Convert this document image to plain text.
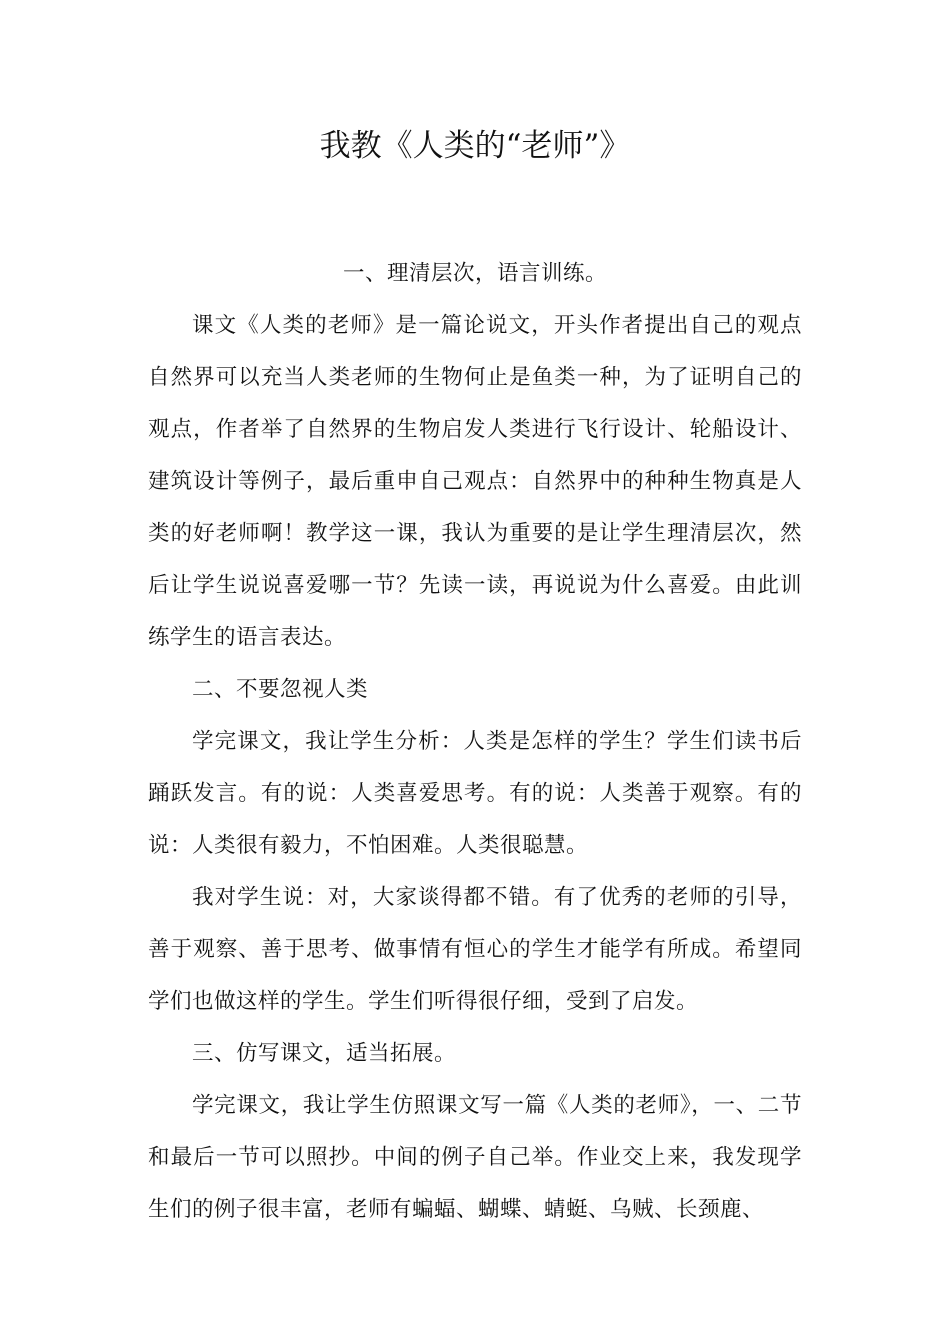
我教《人类的“老师”》

一、理清层次，语言训练。

课文《人类的老师》是一篇论说文，开头作者提出自己的观点自然界可以充当人类老师的生物何止是鱼类一种，为了证明自己的观点，作者举了自然界的生物启发人类进行飞行设计、轮船设计、建筑设计等例子，最后重申自己观点：自然界中的种种生物真是人类的好老师啊！教学这一课，我认为重要的是让学生理清层次，然后让学生说说喜爱哪一节？先读一读，再说说为什么喜爱。由此训练学生的语言表达。

二、不要忽视人类

学完课文，我让学生分析：人类是怎样的学生？学生们读书后踊跃发言。有的说：人类喜爱思考。有的说：人类善于观察。有的说：人类很有毅力，不怕困难。人类很聪慧。

我对学生说：对，大家谈得都不错。有了优秀的老师的引导，善于观察、善于思考、做事情有恒心的学生才能学有所成。希望同学们也做这样的学生。学生们听得很仔细，受到了启发。

三、仿写课文，适当拓展。

学完课文，我让学生仿照课文写一篇《人类的老师》，一、二节和最后一节可以照抄。中间的例子自己举。作业交上来，我发现学生们的例子很丰富，老师有蝙蝠、蝴蝶、蜻蜓、乌贼、长颈鹿、
